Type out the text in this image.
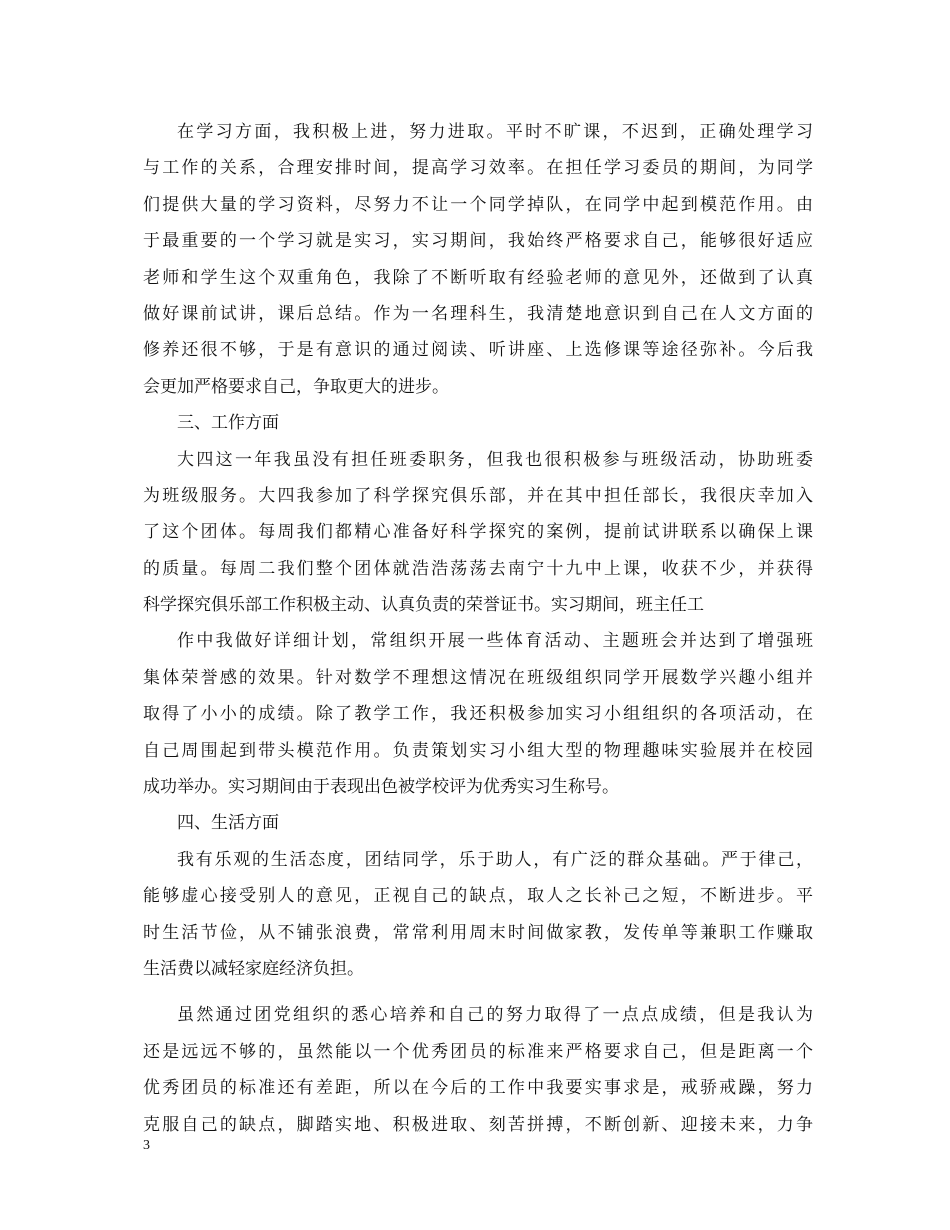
在学习方面，我积极上进，努力进取。平时不旷课，不迟到，正确处理学习
与工作的关系，合理安排时间，提高学习效率。在担任学习委员的期间，为同学
们提供大量的学习资料，尽努力不让一个同学掉队，在同学中起到模范作用。由
于最重要的一个学习就是实习，实习期间，我始终严格要求自己，能够很好适应
老师和学生这个双重角色，我除了不断听取有经验老师的意见外，还做到了认真
做好课前试讲，课后总结。作为一名理科生，我清楚地意识到自己在人文方面的
修养还很不够，于是有意识的通过阅读、听讲座、上选修课等途径弥补。今后我
会更加严格要求自己，争取更大的进步。
三、工作方面
大四这一年我虽没有担任班委职务，但我也很积极参与班级活动，协助班委
为班级服务。大四我参加了科学探究俱乐部，并在其中担任部长，我很庆幸加入
了这个团体。每周我们都精心准备好科学探究的案例，提前试讲联系以确保上课
的质量。每周二我们整个团体就浩浩荡荡去南宁十九中上课，收获不少，并获得
科学探究俱乐部工作积极主动、认真负责的荣誉证书。实习期间，班主任工
作中我做好详细计划，常组织开展一些体育活动、主题班会并达到了增强班
集体荣誉感的效果。针对数学不理想这情况在班级组织同学开展数学兴趣小组并
取得了小小的成绩。除了教学工作，我还积极参加实习小组组织的各项活动，在
自己周围起到带头模范作用。负责策划实习小组大型的物理趣味实验展并在校园
成功举办。实习期间由于表现出色被学校评为优秀实习生称号。
四、生活方面
我有乐观的生活态度，团结同学，乐于助人，有广泛的群众基础。严于律己，
能够虚心接受别人的意见，正视自己的缺点，取人之长补己之短，不断进步。平
时生活节俭，从不铺张浪费，常常利用周末时间做家教，发传单等兼职工作赚取
生活费以减轻家庭经济负担。
虽然通过团党组织的悉心培养和自己的努力取得了一点点成绩，但是我认为
还是远远不够的，虽然能以一个优秀团员的标准来严格要求自己，但是距离一个
优秀团员的标准还有差距，所以在今后的工作中我要实事求是，戒骄戒躁，努力
克服自己的缺点，脚踏实地、积极进取、刻苦拼搏，不断创新、迎接未来，力争
3
